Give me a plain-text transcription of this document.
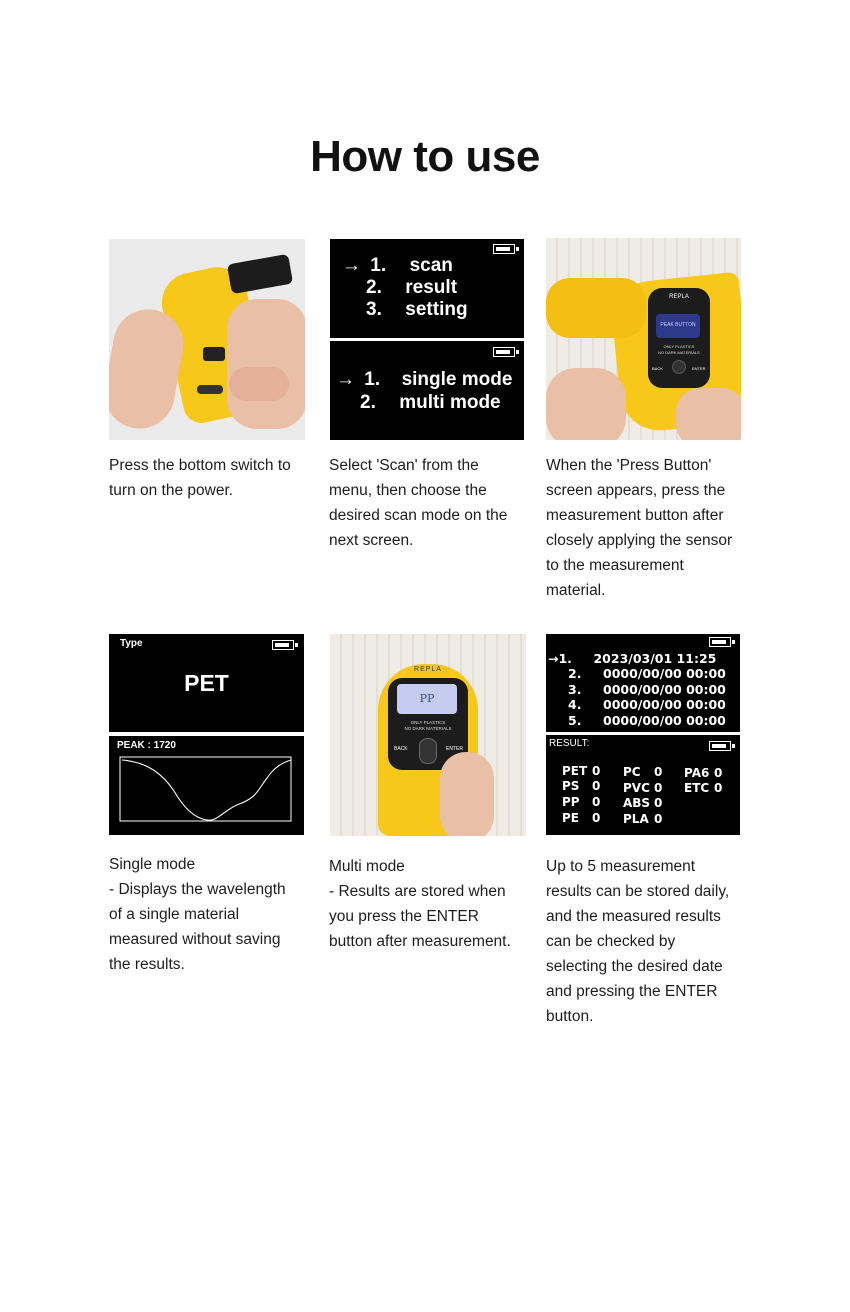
How to use

Press the bottom switch to
turn on the power.

→ 1. scan
2. result
3. setting
→ 1. single mode
2. multi mode

Select 'Scan' from the
menu, then choose the
desired scan mode on the
next screen.

REPLA
PEAK BUTTON
ONLY PLASTICS
NO DARK MATERIALS
BACK	ENTER

When the 'Press Button'
screen appears, press the
measurement button after
closely applying the sensor
to the measurement
material.

Type
PET
PEAK : 1720

Single mode
- Displays the wavelength
of a single material
measured without saving
the results.

REPLA
PP
ONLY PLASTICS
NO DARK MATERIALS
BACK	ENTER

Multi mode
- Results are stored when
you press the ENTER
button after measurement.

→1. 2023/03/01 11:25
2. 0000/00/00 00:00
3. 0000/00/00 00:00
4. 0000/00/00 00:00
5. 0000/00/00 00:00
RESULT:
PET 0
PS 0
PP 0
PE 0
PC 0
PVC 0
ABS 0
PLA 0
PA6 0
ETC 0

Up to 5 measurement
results can be stored daily,
and the measured results
can be checked by
selecting the desired date
and pressing the ENTER
button.
